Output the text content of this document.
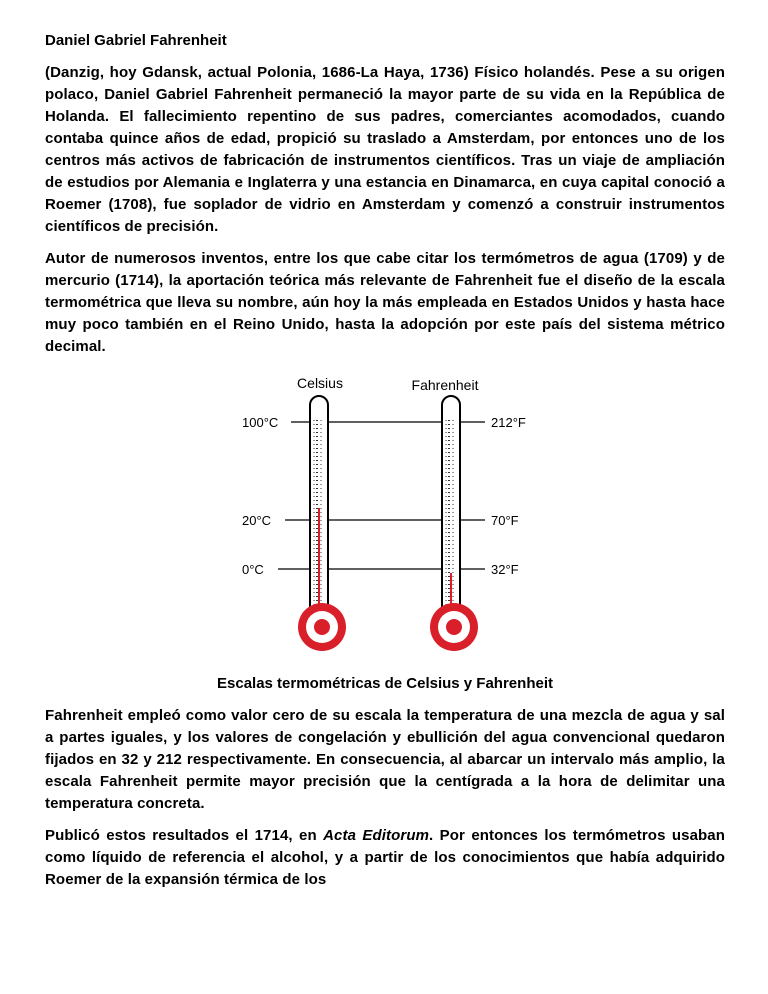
Daniel Gabriel Fahrenheit

(Danzig, hoy Gdansk, actual Polonia, 1686-La Haya, 1736) Físico holandés. Pese a su origen polaco, Daniel Gabriel Fahrenheit permaneció la mayor parte de su vida en la República de Holanda. El fallecimiento repentino de sus padres, comerciantes acomodados, cuando contaba quince años de edad, propició su traslado a Amsterdam, por entonces uno de los centros más activos de fabricación de instrumentos científicos. Tras un viaje de ampliación de estudios por Alemania e Inglaterra y una estancia en Dinamarca, en cuya capital conoció a Roemer (1708), fue soplador de vidrio en Amsterdam y comenzó a construir instrumentos científicos de precisión.

Autor de numerosos inventos, entre los que cabe citar los termómetros de agua (1709) y de mercurio (1714), la aportación teórica más relevante de Fahrenheit fue el diseño de la escala termométrica que lleva su nombre, aún hoy la más empleada en Estados Unidos y hasta hace muy poco también en el Reino Unido, hasta la adopción por este país del sistema métrico decimal.

Celsius	Fahrenheit
100°C
20°C
0°C
212°F
70°F
32°F
Escalas termométricas de Celsius y Fahrenheit

Fahrenheit empleó como valor cero de su escala la temperatura de una mezcla de agua y sal a partes iguales, y los valores de congelación y ebullición del agua convencional quedaron fijados en 32 y 212 respectivamente. En consecuencia, al abarcar un intervalo más amplio, la escala Fahrenheit permite mayor precisión que la centígrada a la hora de delimitar una temperatura concreta.

Publicó estos resultados el 1714, en Acta Editorum. Por entonces los termómetros usaban como líquido de referencia el alcohol, y a partir de los conocimientos que había adquirido Roemer de la expansión térmica de los
